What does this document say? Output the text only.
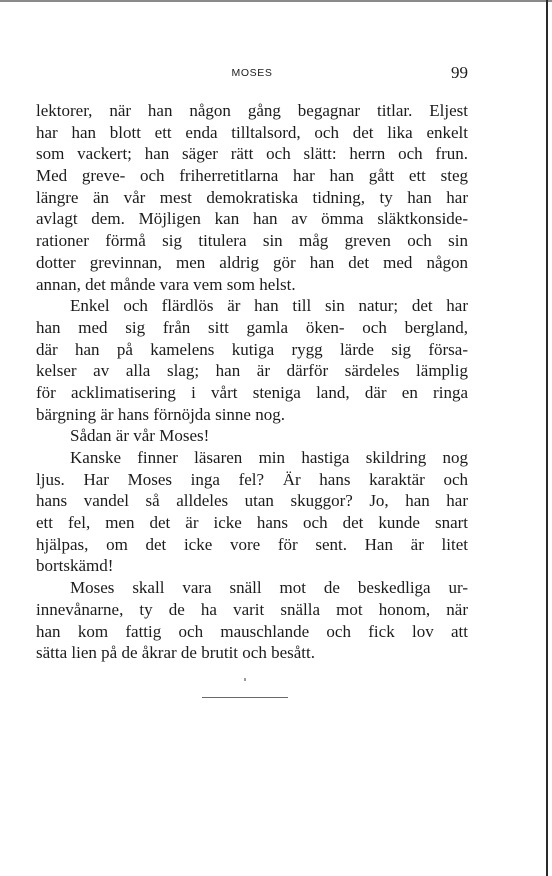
MOSES	99
lektorer, när han någon gång begagnar titlar. Eljest
har han blott ett enda tilltalsord, och det lika enkelt
som vackert; han säger rätt och slätt: herrn och frun.
Med greve- och friherretitlarna har han gått ett steg
längre än vår mest demokratiska tidning, ty han har
avlagt dem. Möjligen kan han av ömma släktkonside-
rationer förmå sig titulera sin måg greven och sin
dotter grevinnan, men aldrig gör han det med någon
annan, det månde vara vem som helst.
Enkel och flärdlös är han till sin natur; det har
han med sig från sitt gamla öken- och bergland,
där han på kamelens kutiga rygg lärde sig försa-
kelser av alla slag; han är därför särdeles lämplig
för acklimatisering i vårt steniga land, där en ringa
bärgning är hans förnöjda sinne nog.
Sådan är vår Moses!
Kanske finner läsaren min hastiga skildring nog
ljus. Har Moses inga fel? Är hans karaktär och
hans vandel så alldeles utan skuggor? Jo, han har
ett fel, men det är icke hans och det kunde snart
hjälpas, om det icke vore för sent. Han är litet
bortskämd!
Moses skall vara snäll mot de beskedliga ur-
innevånarne, ty de ha varit snälla mot honom, när
han kom fattig och mauschlande och fick lov att
sätta lien på de åkrar de brutit och besått.
